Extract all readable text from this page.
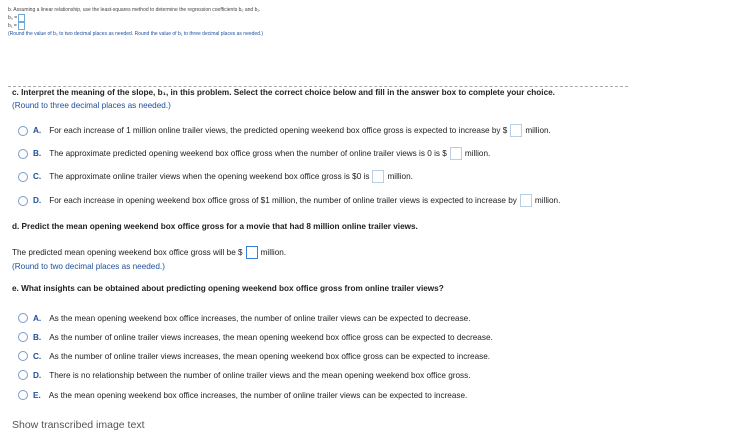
b. Assuming a linear relationship, use the least-squares method to determine the regression coefficients b₀ and b₁.
b₀ =
b₁ =
(Round the value of b₀ to two decimal places as needed. Round the value of b₁ to three decimal places as needed.)
c. Interpret the meaning of the slope, b₁, in this problem. Select the correct choice below and fill in the answer box to complete your choice.
(Round to three decimal places as needed.)
A. For each increase of 1 million online trailer views, the predicted opening weekend box office gross is expected to increase by $ million.
B. The approximate predicted opening weekend box office gross when the number of online trailer views is 0 is $ million.
C. The approximate online trailer views when the opening weekend box office gross is $0 is million.
D. For each increase in opening weekend box office gross of $1 million, the number of online trailer views is expected to increase by million.
d. Predict the mean opening weekend box office gross for a movie that had 8 million online trailer views.
The predicted mean opening weekend box office gross will be $ million.
(Round to two decimal places as needed.)
e. What insights can be obtained about predicting opening weekend box office gross from online trailer views?
A. As the mean opening weekend box office increases, the number of online trailer views can be expected to decrease.
B. As the number of online trailer views increases, the mean opening weekend box office gross can be expected to decrease.
C. As the number of online trailer views increases, the mean opening weekend box office gross can be expected to increase.
D. There is no relationship between the number of online trailer views and the mean opening weekend box office gross.
E. As the mean opening weekend box office increases, the number of online trailer views can be expected to increase.
Show transcribed image text
